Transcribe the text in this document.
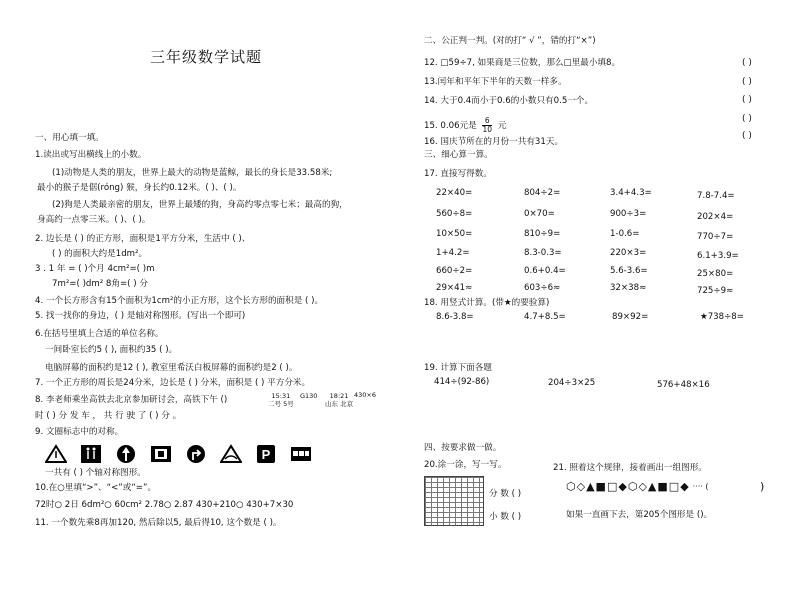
三年级数学试题
一、用心填一填。
1.读出或写出横线上的小数。
(1)动物是人类的朋友，世界上最大的动物是蓝鲸，最长的身长是33.58米;
最小的猴子是倨(róng) 猴，身长约0.12米。( )、( )。
(2)狗是人类最亲密的朋友，世界上最矮的狗，身高约零点零七米；最高的狗，
身高约一点零三米。( )、( )。
2. 边长是 ( ) 的正方形，面积是1平方分米，生活中 ( )、
( ) 的面积大约是1dm²。
3 . 1 年 = ( )个月 4cm²=( )m
7m²=( )dm² 8角=( ) 分
4. 一个长方形含有15个面积为1cm²的小正方形，这个长方形的面积是 ( )。
5. 找一找你的身边，( ) 是轴对称图形。(写出一个即可)
6.在括号里填上合适的单位名称。
一间卧室长约5 ( ), 面积约35 ( )。
电脑屏幕的面积约是12 ( ), 教室里希沃白板屏幕的面积约是2 ( )。
7. 一个正方形的周长是24分米，边长是 ( ) 分米，面积是 ( ) 平方分米。
8. 李老师乘坐高铁去北京参加研讨会，高铁下午 ()
时 ( ) 分 发 车 ， 共 行 驶 了 ( ) 分 。
15:31
二号 5号
G130	18:21
山东 北京
430×6
9. 文圈标志中的对称。
P
一共有 ( ) 个轴对称图形。
10.在○里填“>”、“<”或“=”。
72时○ 2日 6dm²○ 60cm² 2.78○ 2.87 430+210○ 430+7×30
11. 一个数先乘8再加120, 然后除以5, 最后得10, 这个数是 ( )。
二、公正判一判。(对的打“ √ ”，错的打“×”)
12. □59÷7, 如果商是三位数，那么□里最小填8。	( )
13.闰年和平年下半年的天数一样多。	( )
14. 大于0.4而小于0.6的小数只有0.5一个。	( )
15. 0.06元是 $\frac{6}{10}$ 元
( )
16. 国庆节所在的月份一共有31天。
( )
三、细心算一算。
17. 直接写得数。
22×40=	804÷2=	3.4+4.3=	7.8-7.4=
560÷8=	0×70=	900÷3=	202×4=
10×50=	810÷9=	1-0.6=	770÷7=
1+4.2=	8.3-0.3=	220×3=	6.1+3.9=
660÷2=	0.6+0.4=	5.6-3.6=	25×80=
29×41≈	603÷6≈	32×38≈	725÷9≈
18. 用竖式计算。(带★的要验算)
8.6-3.8=	4.7+8.5=	89×92=	★738÷8=
19. 计算下面各题
414÷(92-86)	204÷3×25	576+48×16
四、按要求做一做。
20.涂一涂，写一写。
分 数 ( )
小 数 ( )
21. 照着这个规律，接着画出一组图形。
⬡ ◇ ▲ ■ □ ◆ ⬡ ◇ ▲ ■ □ ◆ ···· (	)
如果一直画下去，第205个图形是 ()。
